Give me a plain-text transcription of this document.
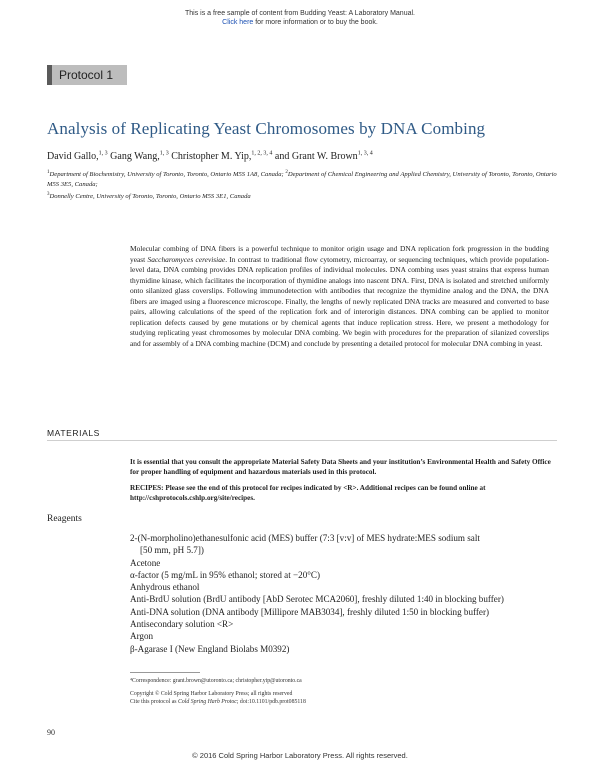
This is a free sample of content from Budding Yeast: A Laboratory Manual.
Click here for more information or to buy the book.
Protocol 1
Analysis of Replicating Yeast Chromosomes by DNA Combing
David Gallo,$^{1, 3}$ Gang Wang,$^{1, 3}$ Christopher M. Yip,$^{1, 2, 3, 4}$ and Grant W. Brown$^{1, 3, 4}$
$^1$Department of Biochemistry, University of Toronto, Toronto, Ontario M5S 1A8, Canada; $^2$Department of Chemical Engineering and Applied Chemistry, University of Toronto, Toronto, Ontario M5S 3E5, Canada;
$^3$Donnelly Centre, University of Toronto, Toronto, Ontario M5S 3E1, Canada
Molecular combing of DNA fibers is a powerful technique to monitor origin usage and DNA replication fork progression in the budding yeast Saccharomyces cerevisiae. In contrast to traditional flow cytometry, microarray, or sequencing techniques, which provide population-level data, DNA combing provides DNA replication profiles of individual molecules. DNA combing uses yeast strains that express human thymidine kinase, which facilitates the incorporation of thymidine analogs into nascent DNA. First, DNA is isolated and stretched uniformly onto silanized glass coverslips. Following immunodetection with antibodies that recognize the thymidine analog and the DNA, the DNA fibers are imaged using a fluorescence microscope. Finally, the lengths of newly replicated DNA tracks are measured and converted to base pairs, allowing calculations of the speed of the replication fork and of interorigin distances. DNA combing can be applied to monitor replication defects caused by gene mutations or by chemical agents that induce replication stress. Here, we present a methodology for studying replicating yeast chromosomes by molecular DNA combing. We begin with procedures for the preparation of silanized coverslips and for assembly of a DNA combing machine (DCM) and conclude by presenting a detailed protocol for molecular DNA combing in yeast.
MATERIALS
It is essential that you consult the appropriate Material Safety Data Sheets and your institution’s Environmental Health and Safety Office for proper handling of equipment and hazardous materials used in this protocol.
RECIPES: Please see the end of this protocol for recipes indicated by <R>. Additional recipes can be found online at http://cshprotocols.cshlp.org/site/recipes.
Reagents
2-(N-morpholino)ethanesulfonic acid (MES) buffer (7:3 [v:v] of MES hydrate:MES sodium salt
[50 mm, pH 5.7])
Acetone
α-factor (5 mg/mL in 95% ethanol; stored at −20°C)
Anhydrous ethanol
Anti-BrdU solution (BrdU antibody [AbD Serotec MCA2060], freshly diluted 1:40 in blocking buffer)
Anti-DNA solution (DNA antibody [Millipore MAB3034], freshly diluted 1:50 in blocking buffer)
Antisecondary solution <R>
Argon
β-Agarase I (New England Biolabs M0392)
⁴Correspondence: grant.brown@utoronto.ca; christopher.yip@utoronto.ca
Copyright © Cold Spring Harbor Laboratory Press; all rights reserved
Cite this protocol as Cold Spring Harb Protoc; doi:10.1101/pdb.prot085118
90
© 2016 Cold Spring Harbor Laboratory Press. All rights reserved.
